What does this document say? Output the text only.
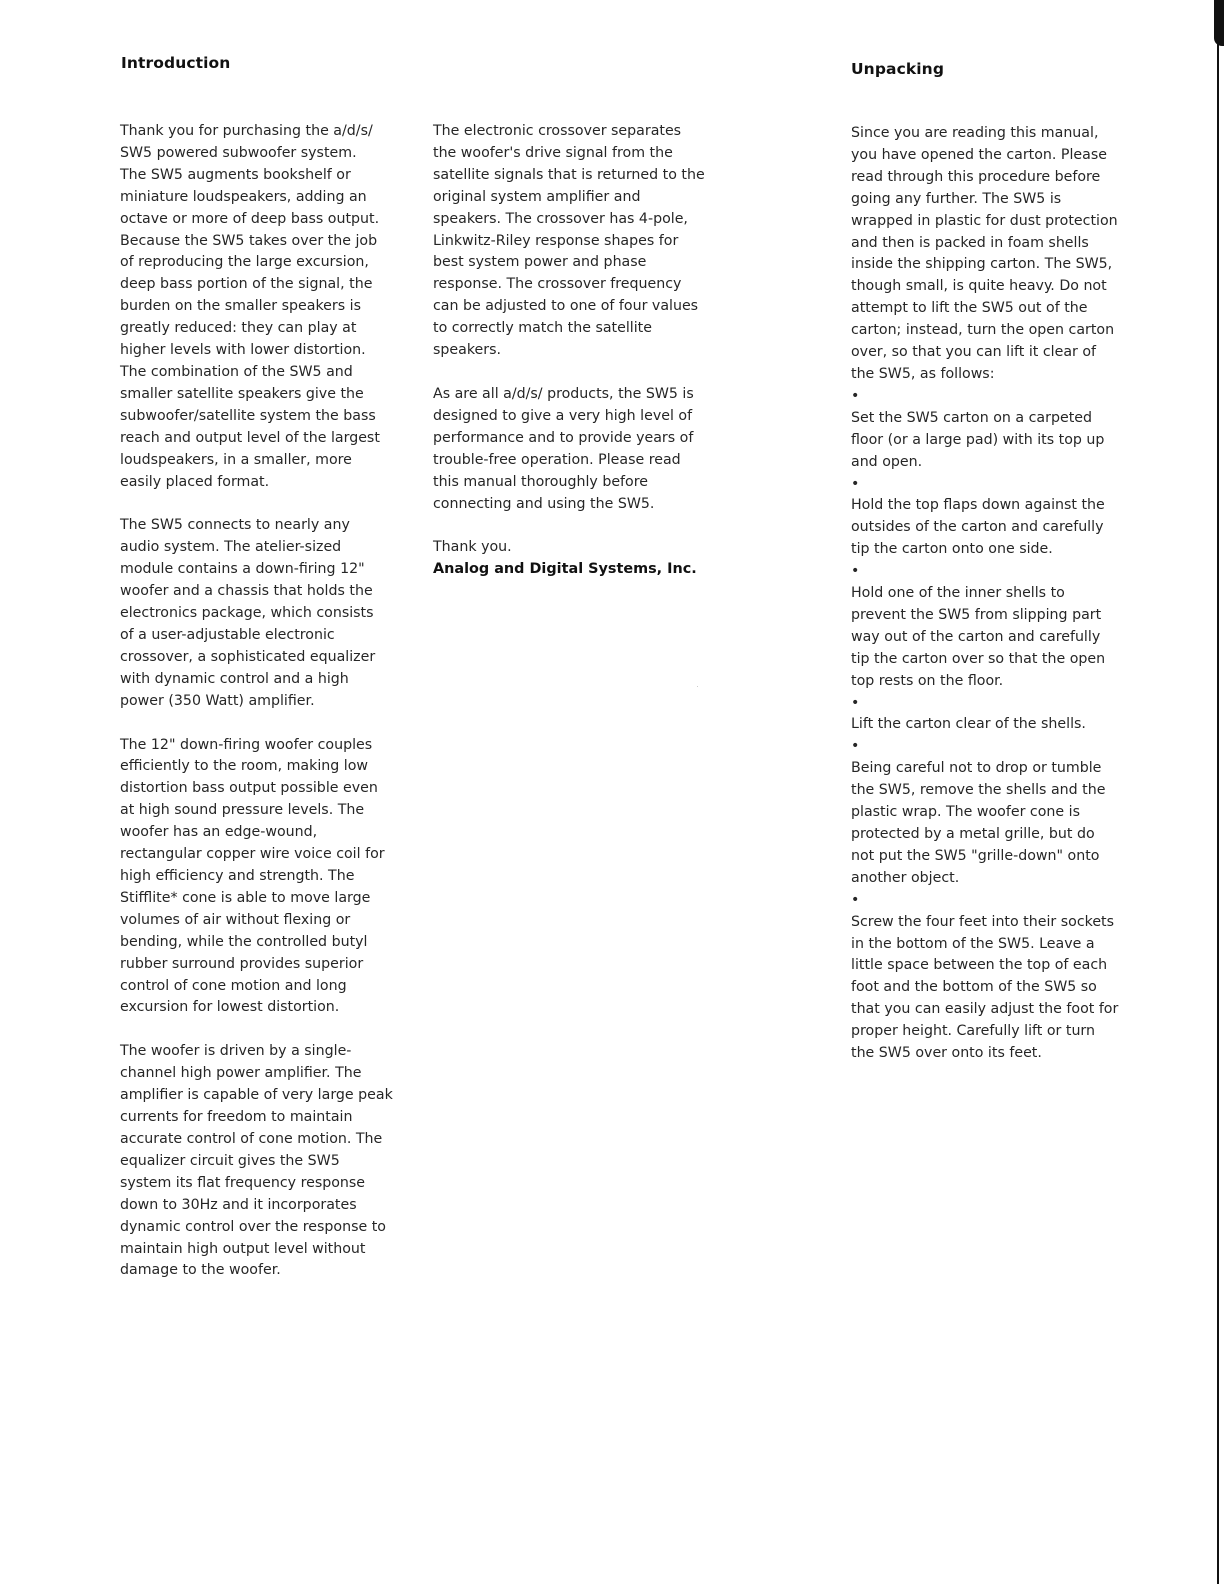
Introduction	Unpacking

Thank you for purchasing the a/d/s/
SW5 powered subwoofer system.
The SW5 augments bookshelf or
miniature loudspeakers, adding an
octave or more of deep bass output.
Because the SW5 takes over the job
of reproducing the large excursion,
deep bass portion of the signal, the
burden on the smaller speakers is
greatly reduced: they can play at
higher levels with lower distortion.
The combination of the SW5 and
smaller satellite speakers give the
subwoofer/satellite system the bass
reach and output level of the largest
loudspeakers, in a smaller, more
easily placed format.

The SW5 connects to nearly any
audio system. The atelier-sized
module contains a down-firing 12"
woofer and a chassis that holds the
electronics package, which consists
of a user-adjustable electronic
crossover, a sophisticated equalizer
with dynamic control and a high
power (350 Watt) amplifier.

The 12" down-firing woofer couples
efficiently to the room, making low
distortion bass output possible even
at high sound pressure levels. The
woofer has an edge-wound,
rectangular copper wire voice coil for
high efficiency and strength. The
Stifflite* cone is able to move large
volumes of air without flexing or
bending, while the controlled butyl
rubber surround provides superior
control of cone motion and long
excursion for lowest distortion.

The woofer is driven by a single-
channel high power amplifier. The
amplifier is capable of very large peak
currents for freedom to maintain
accurate control of cone motion. The
equalizer circuit gives the SW5
system its flat frequency response
down to 30Hz and it incorporates
dynamic control over the response to
maintain high output level without
damage to the woofer.

The electronic crossover separates
the woofer's drive signal from the
satellite signals that is returned to the
original system amplifier and
speakers. The crossover has 4-pole,
Linkwitz-Riley response shapes for
best system power and phase
response. The crossover frequency
can be adjusted to one of four values
to correctly match the satellite
speakers.

As are all a/d/s/ products, the SW5 is
designed to give a very high level of
performance and to provide years of
trouble-free operation. Please read
this manual thoroughly before
connecting and using the SW5.

Thank you.

Analog and Digital Systems, Inc.

Since you are reading this manual,
you have opened the carton. Please
read through this procedure before
going any further. The SW5 is
wrapped in plastic for dust protection
and then is packed in foam shells
inside the shipping carton. The SW5,
though small, is quite heavy. Do not
attempt to lift the SW5 out of the
carton; instead, turn the open carton
over, so that you can lift it clear of
the SW5, as follows:

•

Set the SW5 carton on a carpeted
floor (or a large pad) with its top up
and open.

•

Hold the top flaps down against the
outsides of the carton and carefully
tip the carton onto one side.

•

Hold one of the inner shells to
prevent the SW5 from slipping part
way out of the carton and carefully
tip the carton over so that the open
top rests on the floor.

•

Lift the carton clear of the shells.

•

Being careful not to drop or tumble
the SW5, remove the shells and the
plastic wrap. The woofer cone is
protected by a metal grille, but do
not put the SW5 "grille-down" onto
another object.

•

Screw the four feet into their sockets
in the bottom of the SW5. Leave a
little space between the top of each
foot and the bottom of the SW5 so
that you can easily adjust the foot for
proper height. Carefully lift or turn
the SW5 over onto its feet.
